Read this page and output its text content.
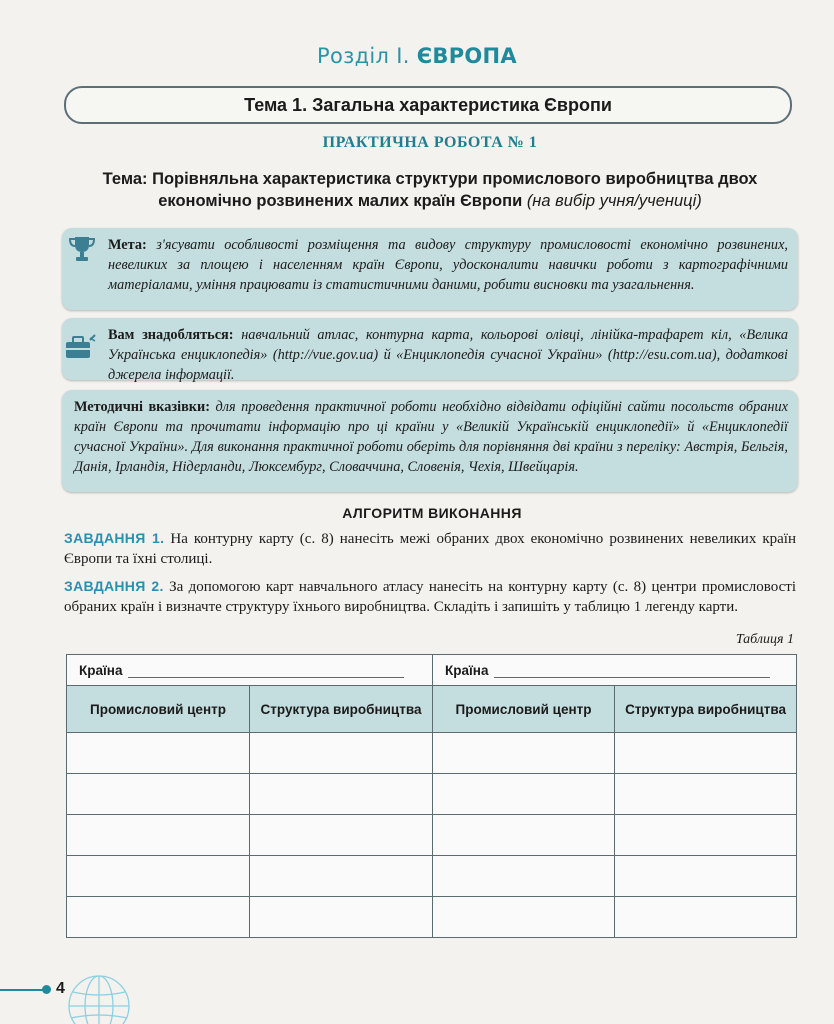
Розділ І. ЄВРОПА
Тема 1. Загальна характеристика Європи
ПРАКТИЧНА РОБОТА № 1
Тема: Порівняльна характеристика структури промислового виробництва двох економічно розвинених малих країн Європи (на вибір учня/учениці)
Мета: з'ясувати особливості розміщення та видову структуру промисловості економічно розвинених, невеликих за площею і населенням країн Європи, удосконалити навички роботи з картографічними матеріалами, уміння працювати із статистичними даними, робити висновки та узагальнення.
Вам знадобляться: навчальний атлас, контурна карта, кольорові олівці, лінійка-трафарет кіл, «Велика Українська енциклопедія» (http://vue.gov.ua) й «Енциклопедія сучасної України» (http://esu.com.ua), додаткові джерела інформації.
Методичні вказівки: для проведення практичної роботи необхідно відвідати офіційні сайти посольств обраних країн Європи та прочитати інформацію про ці країни у «Великій Українській енциклопедії» й «Енциклопедії сучасної України». Для виконання практичної роботи оберіть для порівняння дві країни з переліку: Австрія, Бельгія, Данія, Ірландія, Нідерланди, Люксембург, Словаччина, Словенія, Чехія, Швейцарія.
АЛГОРИТМ ВИКОНАННЯ
ЗАВДАННЯ 1. На контурну карту (с. 8) нанесіть межі обраних двох економічно розвинених невеликих країн Європи та їхні столиці.
ЗАВДАННЯ 2. За допомогою карт навчального атласу нанесіть на контурну карту (с. 8) центри промисловості обраних країн і визначте структуру їхнього виробництва. Складіть і запишіть у таблицю 1 легенду карти.
Таблиця 1
Країна		Країна	
Промисловий центр	Структура виробництва	Промисловий центр	Структура виробництва

4
